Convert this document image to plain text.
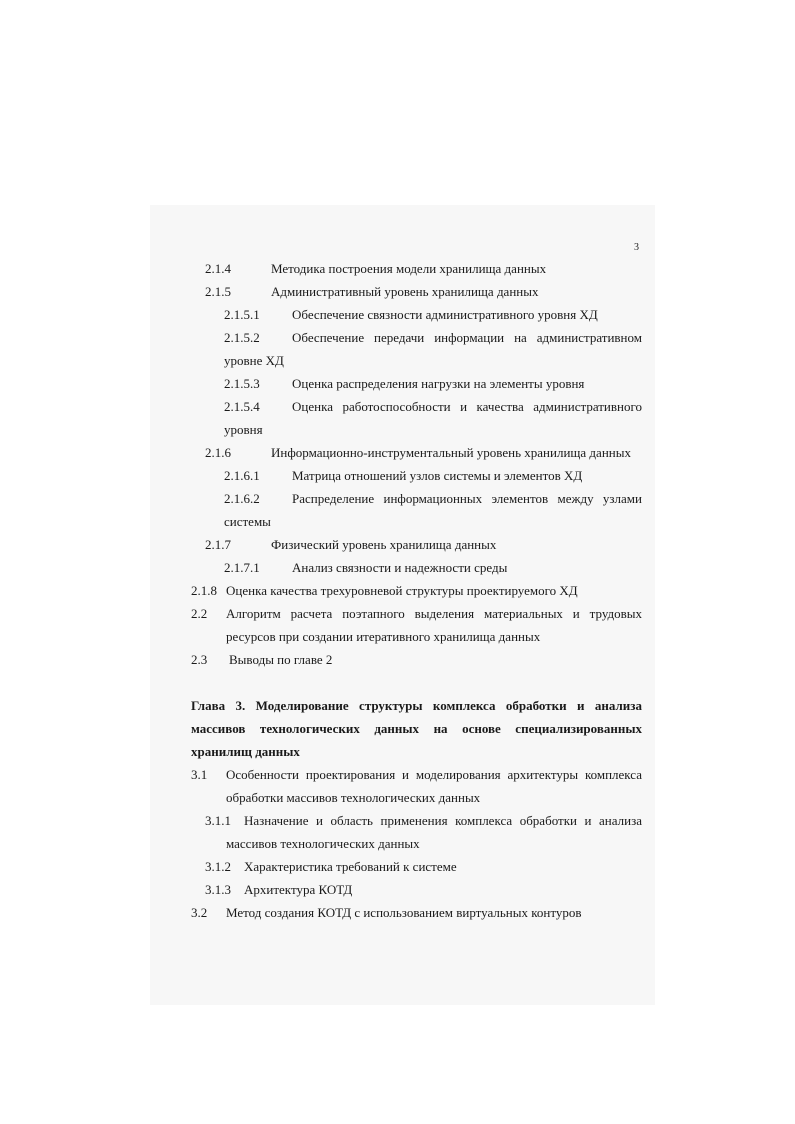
3
2.1.4	Методика построения модели хранилища данных
2.1.5	Административный уровень хранилища данных
2.1.5.1 Обеспечение связности административного уровня ХД
2.1.5.2	Обеспечение передачи информации на административном
уровне ХД
2.1.5.3 Оценка распределения нагрузки на элементы уровня
2.1.5.4	Оценка работоспособности и качества административного
уровня
2.1.6	Информационно-инструментальный уровень хранилища данных
2.1.6.1 Матрица отношений узлов системы и элементов ХД
2.1.6.2	Распределение информационных элементов между узлами
системы
2.1.7	Физический уровень хранилища данных
2.1.7.1 Анализ связности и надежности среды
2.1.8 Оценка качества трехуровневой структуры проектируемого ХД
2.2	Алгоритм расчета поэтапного выделения материальных и трудовых
ресурсов при создании итеративного хранилища данных
2.3 Выводы по главе 2
Глава 3. Моделирование структуры комплекса обработки и анализа
массивов технологических данных на основе специализированных
хранилищ данных
3.1	Особенности проектирования и моделирования архитектуры комплекса
обработки массивов технологических данных
3.1.1	Назначение и область применения комплекса обработки и анализа
массивов технологических данных
3.1.2 Характеристика требований к системе
3.1.3 Архитектура КОТД
3.2 Метод создания КОТД с использованием виртуальных контуров
